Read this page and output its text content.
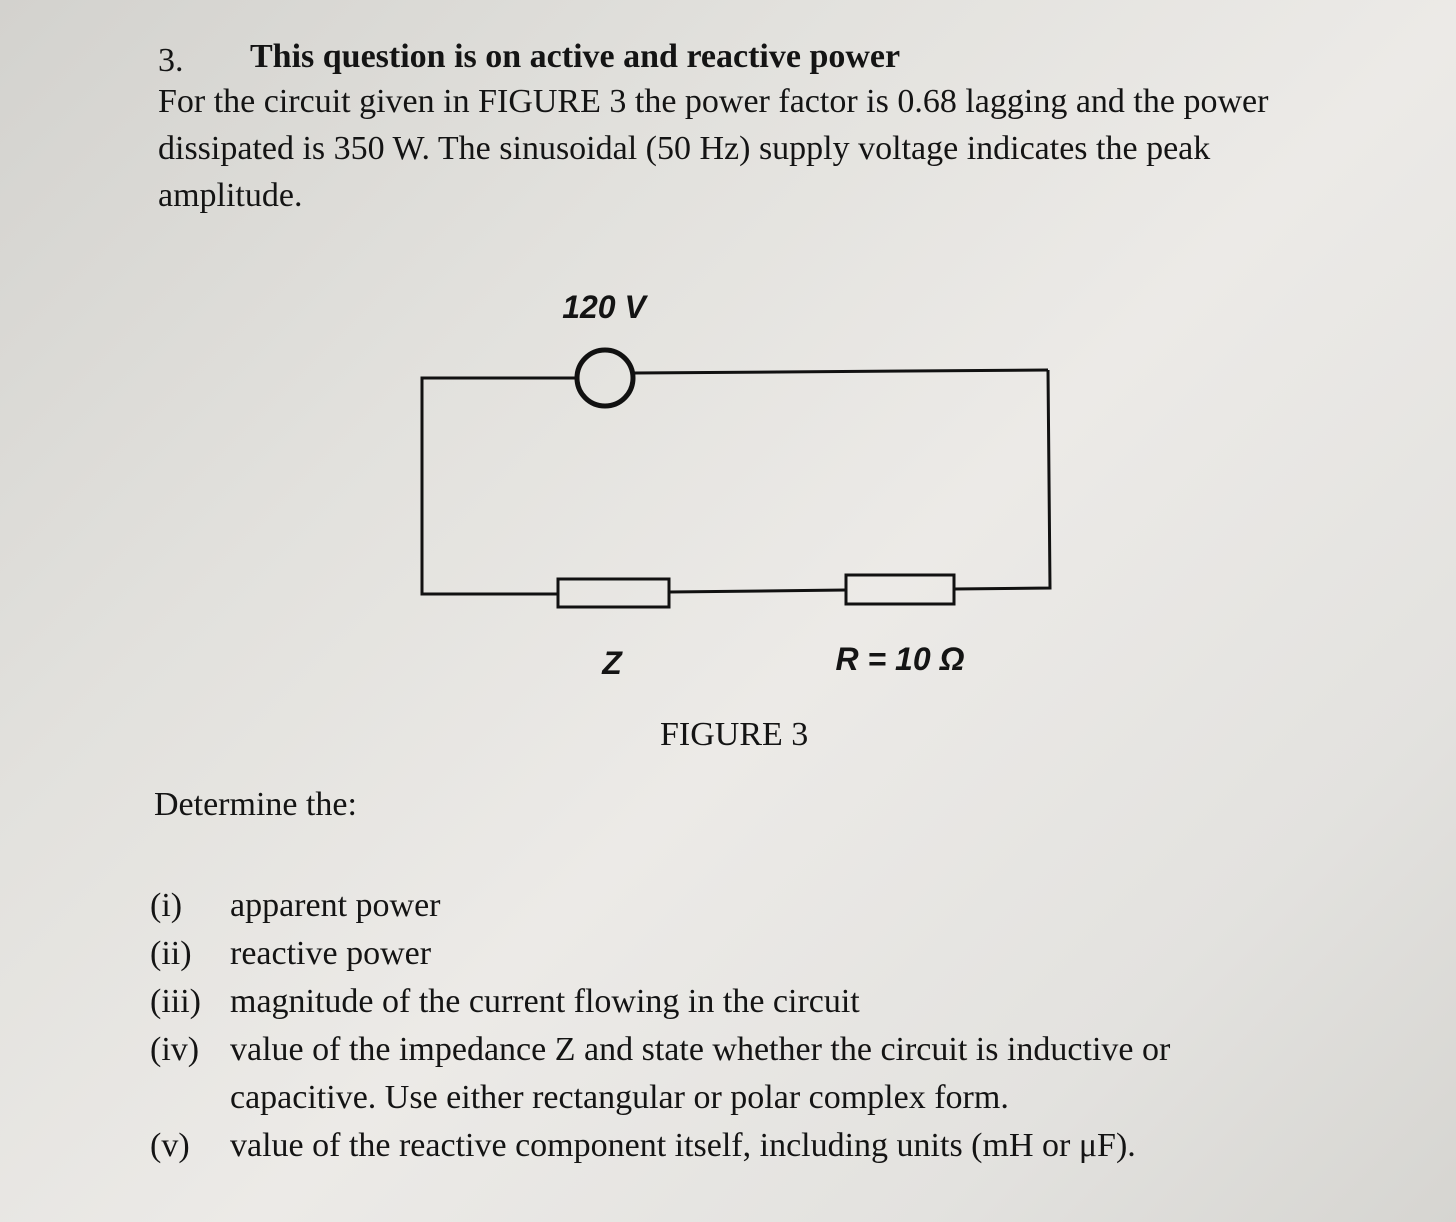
3. This question is on active and reactive power
For the circuit given in FIGURE 3 the power factor is 0.68 lagging and the power
dissipated is 350 W. The sinusoidal (50 Hz) supply voltage indicates the peak
amplitude.
120 V
Z	R = 10 Ω
FIGURE 3
Determine the:
(i)	apparent power
(ii)	reactive power
(iii) magnitude of the current flowing in the circuit
(iv) value of the impedance Z and state whether the circuit is inductive or capacitive. Use either rectangular or polar complex form.
(v)	value of the reactive component itself, including units (mH or μF).
